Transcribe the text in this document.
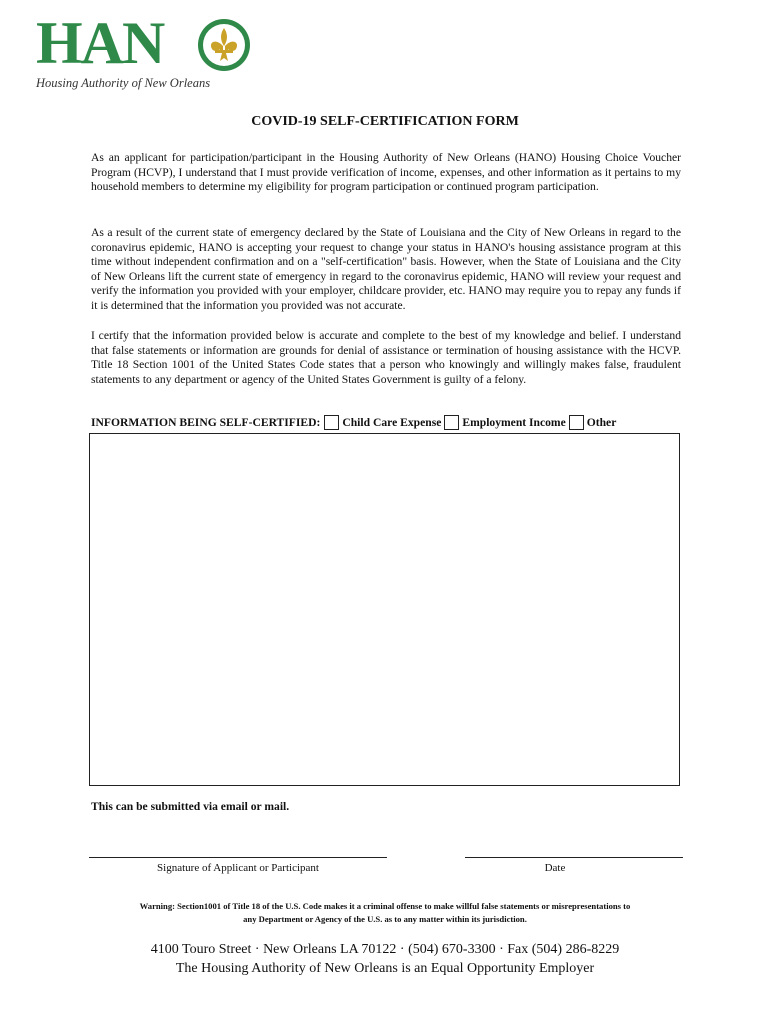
HAN
Housing Authority of New Orleans
COVID-19 SELF-CERTIFICATION FORM

As an applicant for participation/participant in the Housing Authority of New Orleans (HANO) Housing Choice Voucher Program (HCVP), I understand that I must provide verification of income, expenses, and other information as it pertains to my household members to determine my eligibility for program participation or continued program participation.

As a result of the current state of emergency declared by the State of Louisiana and the City of New Orleans in regard to the coronavirus epidemic, HANO is accepting your request to change your status in HANO's housing assistance program at this time without independent confirmation and on a "self-certification" basis. However, when the State of Louisiana and the City of New Orleans lift the current state of emergency in regard to the coronavirus epidemic, HANO will review your request and verify the information you provided with your employer, childcare provider, etc. HANO may require you to repay any funds if it is determined that the information you provided was not accurate.

I certify that the information provided below is accurate and complete to the best of my knowledge and belief. I understand that false statements or information are grounds for denial of assistance or termination of housing assistance with the HCVP. Title 18 Section 1001 of the United States Code states that a person who knowingly and willingly makes false, fraudulent statements to any department or agency of the United States Government is guilty of a felony.

INFORMATION BEING SELF-CERTIFIED: Child Care Expense Employment Income Other
This can be submitted via email or mail.
Signature of Applicant or Participant	Date
Warning: Section1001 of Title 18 of the U.S. Code makes it a criminal offense to make willful false statements or misrepresentations to
any Department or Agency of the U.S. as to any matter within its jurisdiction.
4100 Touro Street · New Orleans LA 70122 · (504) 670-3300 · Fax (504) 286-8229
The Housing Authority of New Orleans is an Equal Opportunity Employer
